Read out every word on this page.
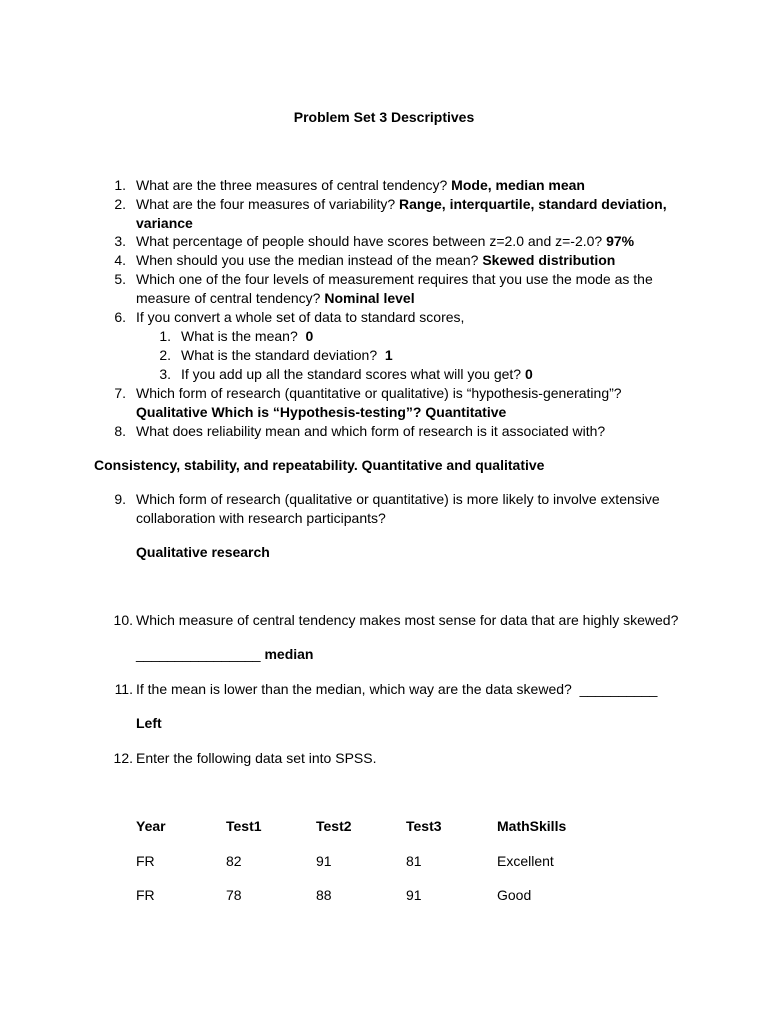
Problem Set 3 Descriptives
1. What are the three measures of central tendency? Mode, median mean
2. What are the four measures of variability? Range, interquartile, standard deviation,
variance
3. What percentage of people should have scores between z=2.0 and z=-2.0? 97%
4. When should you use the median instead of the mean? Skewed distribution
5. Which one of the four levels of measurement requires that you use the mode as the
measure of central tendency? Nominal level
6. If you convert a whole set of data to standard scores,
1. What is the mean? 0
2. What is the standard deviation? 1
3. If you add up all the standard scores what will you get? 0
7. Which form of research (quantitative or qualitative) is “hypothesis-generating”?
Qualitative Which is “Hypothesis-testing”? Quantitative
8. What does reliability mean and which form of research is it associated with?
Consistency, stability, and repeatability. Quantitative and qualitative
9. Which form of research (qualitative or quantitative) is more likely to involve extensive
collaboration with research participants?
Qualitative research
10. Which measure of central tendency makes most sense for data that are highly skewed?
________________ median
11. If the mean is lower than the median, which way are the data skewed? __________
Left
12. Enter the following data set into SPSS.
Year	Test1	Test2	Test3	MathSkills
FR	82	91	81	Excellent
FR	78	88	91	Good
